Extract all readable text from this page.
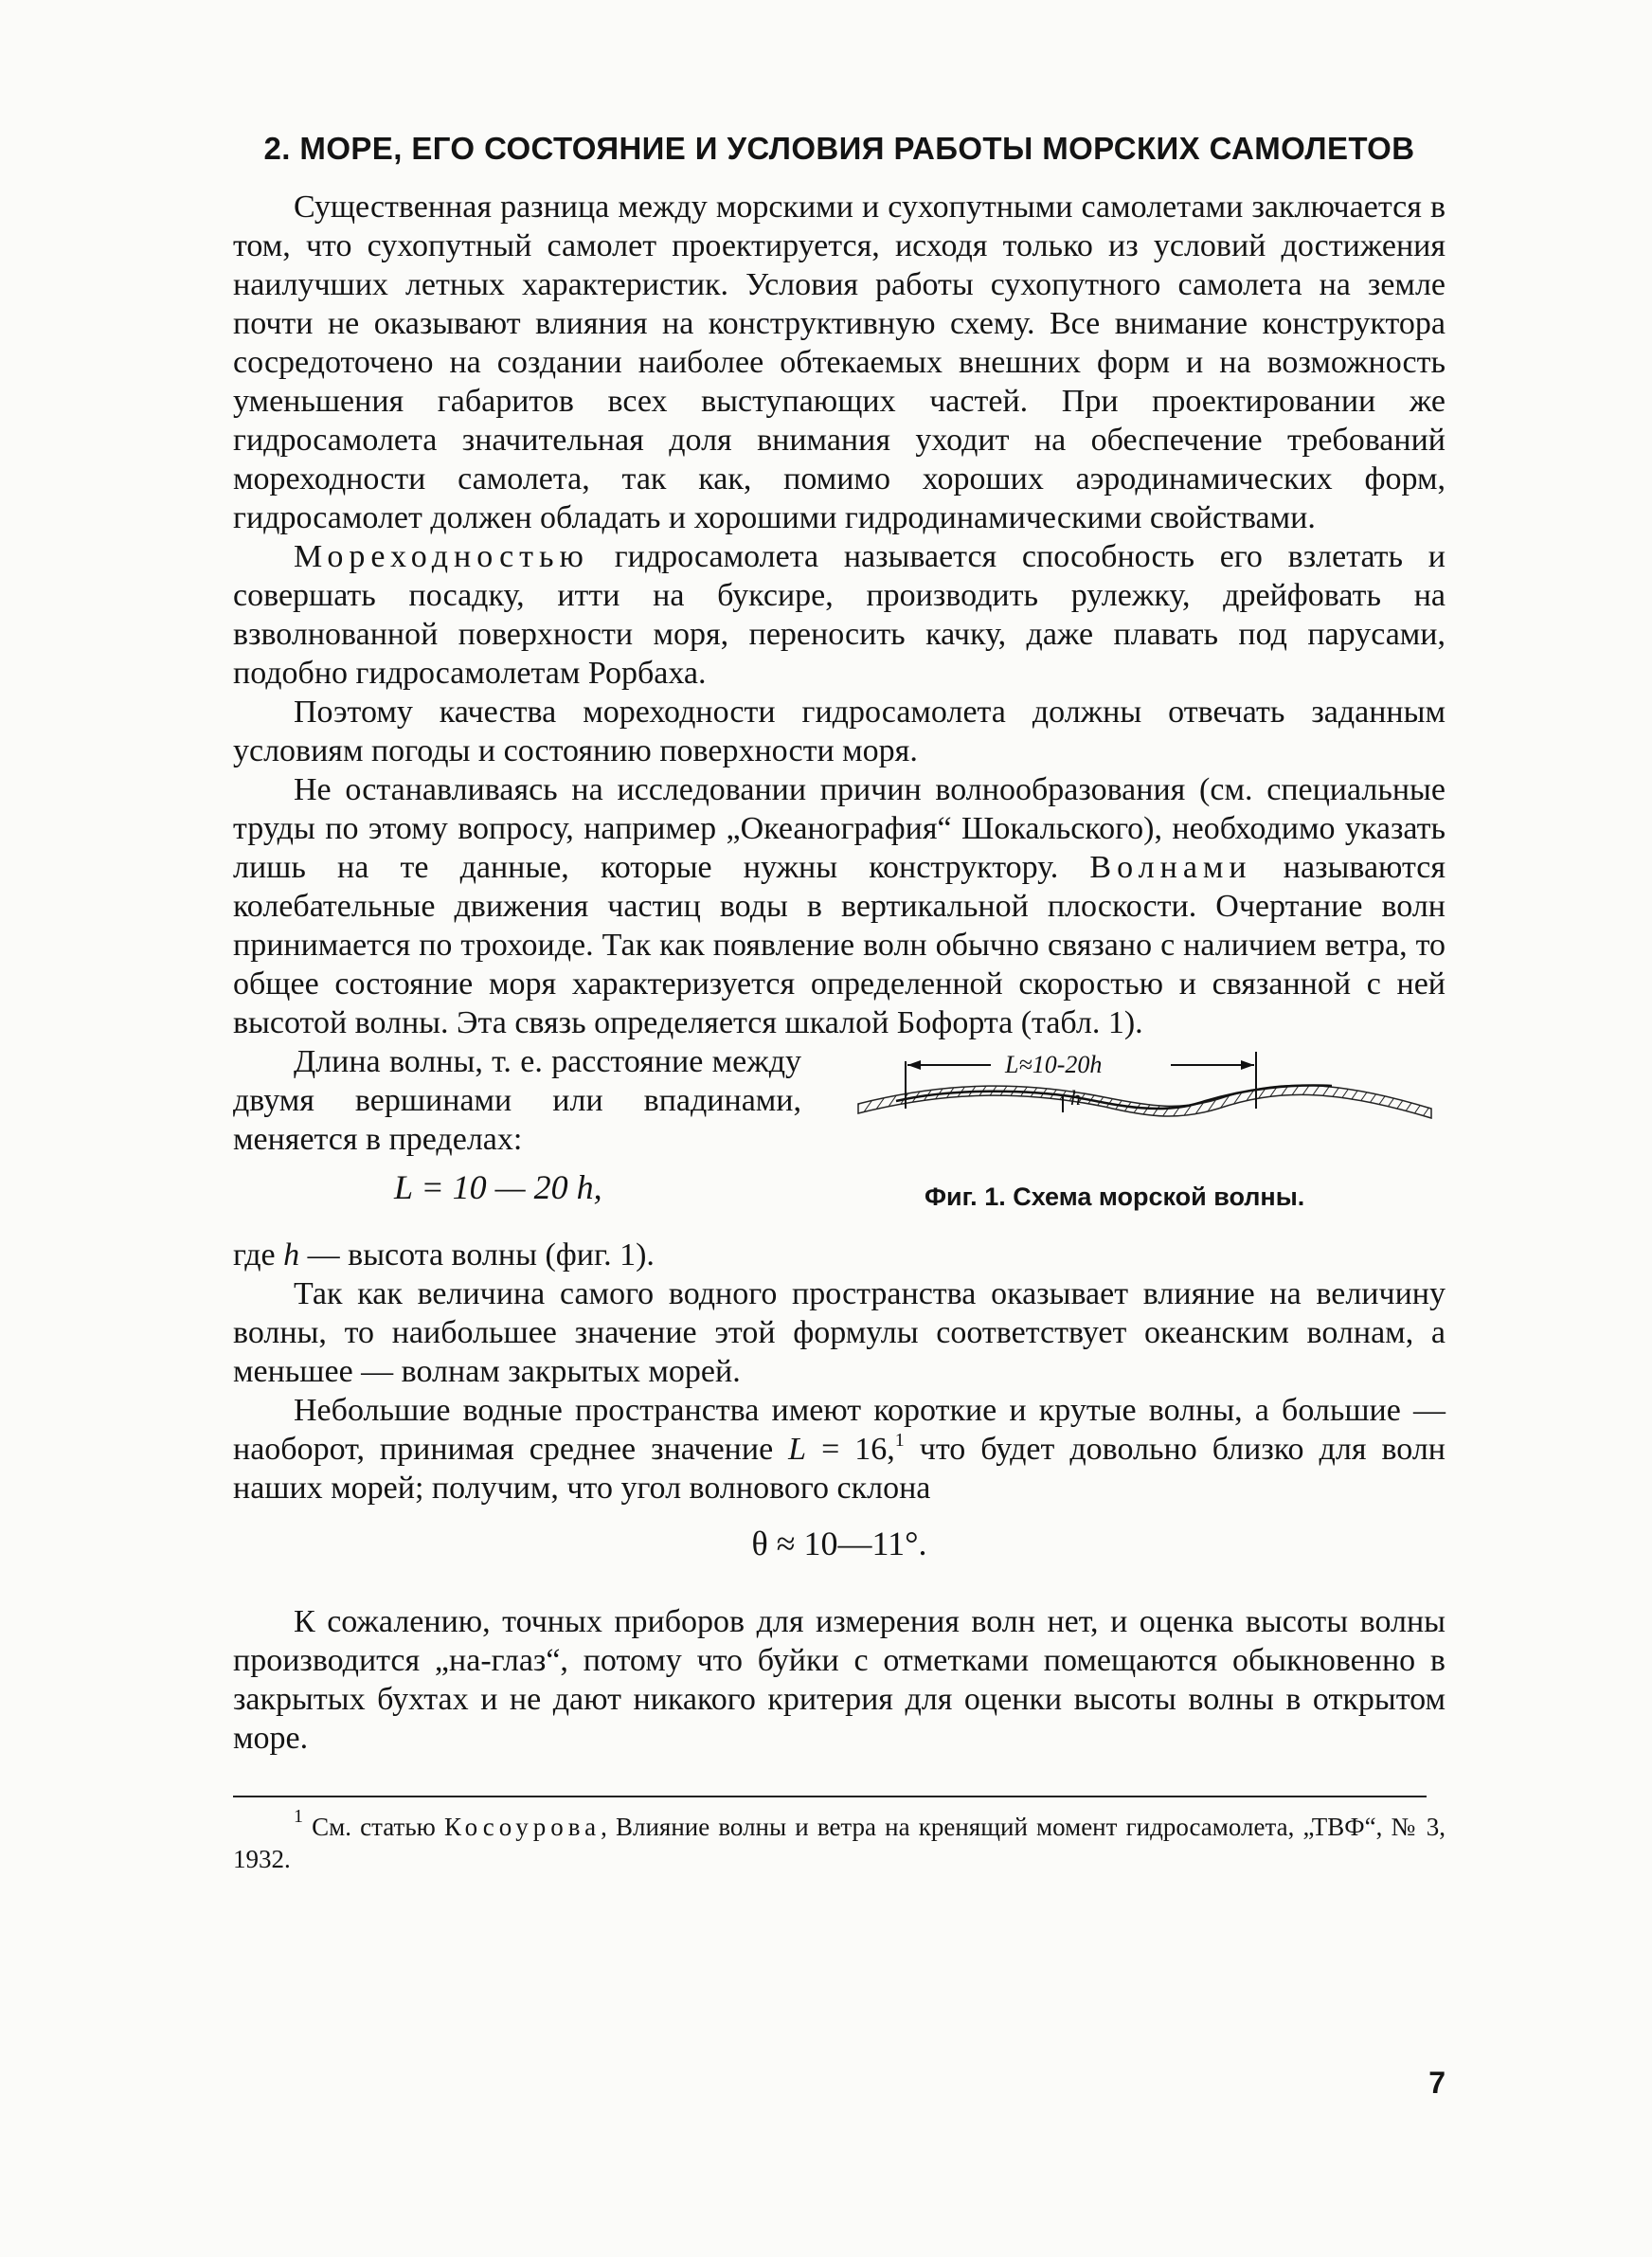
2. МОРЕ, ЕГО СОСТОЯНИЕ И УСЛОВИЯ РАБОТЫ МОРСКИХ САМОЛЕТОВ

Существенная разница между морскими и сухопутными самолетами заключается в том, что сухопутный самолет проектируется, исходя только из условий достижения наилучших летных характеристик. Условия работы сухопутного самолета на земле почти не оказывают влияния на конструктивную схему. Все внимание конструктора сосредоточено на создании наиболее обтекаемых внешних форм и на возможность уменьшения габаритов всех выступающих частей. При проектировании же гидросамолета значительная доля внимания уходит на обеспечение требований мореходности самолета, так как, помимо хороших аэродинамических форм, гидросамолет должен обладать и хорошими гидродинамическими свойствами.

Мореходностью гидросамолета называется способность его взлетать и совершать посадку, итти на буксире, производить рулежку, дрейфовать на взволнованной поверхности моря, переносить качку, даже плавать под парусами, подобно гидросамолетам Рорбаха.

Поэтому качества мореходности гидросамолета должны отвечать заданным условиям погоды и состоянию поверхности моря.

Не останавливаясь на исследовании причин волнообразования (см. специальные труды по этому вопросу, например „Океанография“ Шокальского), необходимо указать лишь на те данные, которые нужны конструктору. Волнами называются колебательные движения частиц воды в вертикальной плоскости. Очертание волн принимается по трохоиде. Так как появление волн обычно связано с наличием ветра, то общее состояние моря характеризуется определенной скоростью и связанной с ней высотой волны. Эта связь определяется шкалой Бофорта (табл. 1).

Длина волны, т. е. расстояние между двумя вершинами или впадинами, меняется в пределах:

L = 10 — 20 h,
L≈10-20h
h
Фиг. 1. Схема морской волны.

где h — высота волны (фиг. 1).

Так как величина самого водного пространства оказывает влияние на величину волны, то наибольшее значение этой формулы соответствует океанским волнам, а меньшее — волнам закрытых морей.

Небольшие водные пространства имеют короткие и крутые волны, а большие — наоборот, принимая среднее значение L = 16,$^1$ что будет довольно близко для волн наших морей; получим, что угол волнового склона

θ ≈ 10—11°.

К сожалению, точных приборов для измерения волн нет, и оценка высоты волны производится „на-глаз“, потому что буйки с отметками помещаются обыкновенно в закрытых бухтах и не дают никакого критерия для оценки высоты волны в открытом море.

$^1$ См. статью Косоурова, Влияние волны и ветра на кренящий момент гидросамолета, „ТВФ“, № 3, 1932.

7
